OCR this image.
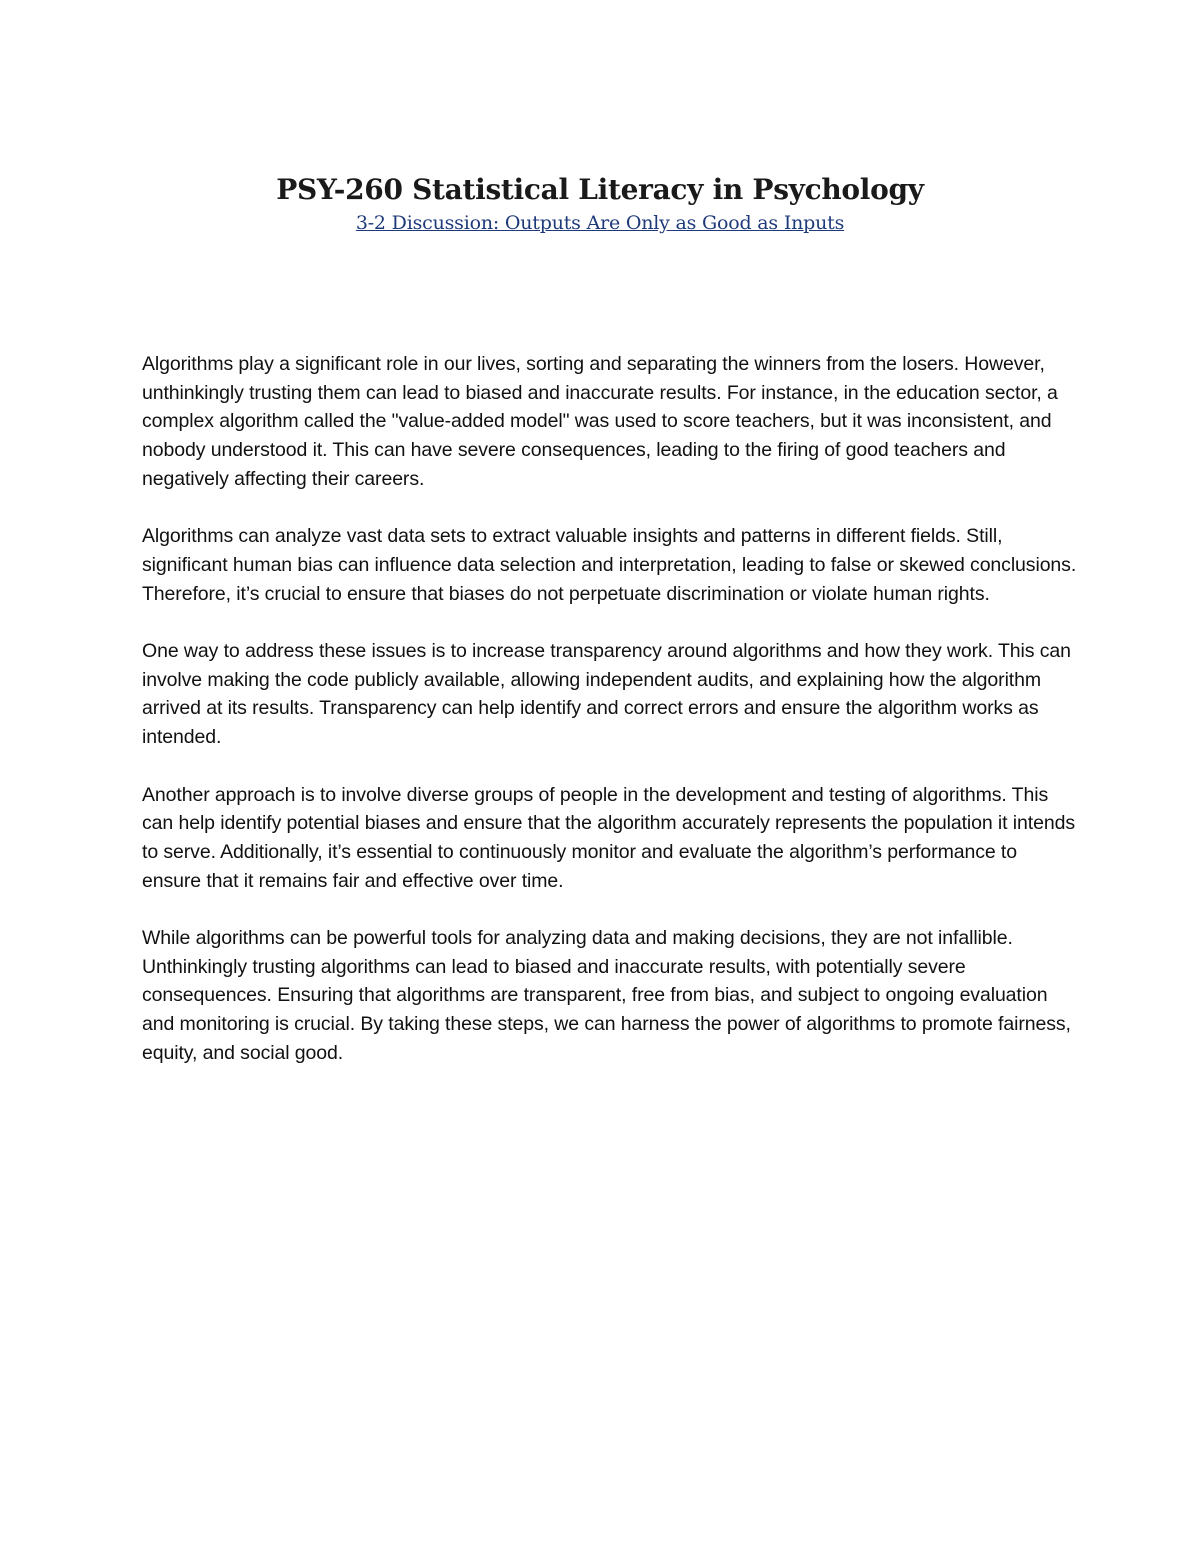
PSY-260 Statistical Literacy in Psychology
3-2 Discussion: Outputs Are Only as Good as Inputs

Algorithms play a significant role in our lives, sorting and separating the winners from the losers. However, unthinkingly trusting them can lead to biased and inaccurate results. For instance, in the education sector, a complex algorithm called the "value-added model" was used to score teachers, but it was inconsistent, and nobody understood it. This can have severe consequences, leading to the firing of good teachers and negatively affecting their careers.

Algorithms can analyze vast data sets to extract valuable insights and patterns in different fields. Still, significant human bias can influence data selection and interpretation, leading to false or skewed conclusions. Therefore, it’s crucial to ensure that biases do not perpetuate discrimination or violate human rights.

One way to address these issues is to increase transparency around algorithms and how they work. This can involve making the code publicly available, allowing independent audits, and explaining how the algorithm arrived at its results. Transparency can help identify and correct errors and ensure the algorithm works as intended.

Another approach is to involve diverse groups of people in the development and testing of algorithms. This can help identify potential biases and ensure that the algorithm accurately represents the population it intends to serve. Additionally, it’s essential to continuously monitor and evaluate the algorithm’s performance to ensure that it remains fair and effective over time.

While algorithms can be powerful tools for analyzing data and making decisions, they are not infallible. Unthinkingly trusting algorithms can lead to biased and inaccurate results, with potentially severe consequences. Ensuring that algorithms are transparent, free from bias, and subject to ongoing evaluation and monitoring is crucial. By taking these steps, we can harness the power of algorithms to promote fairness, equity, and social good.
